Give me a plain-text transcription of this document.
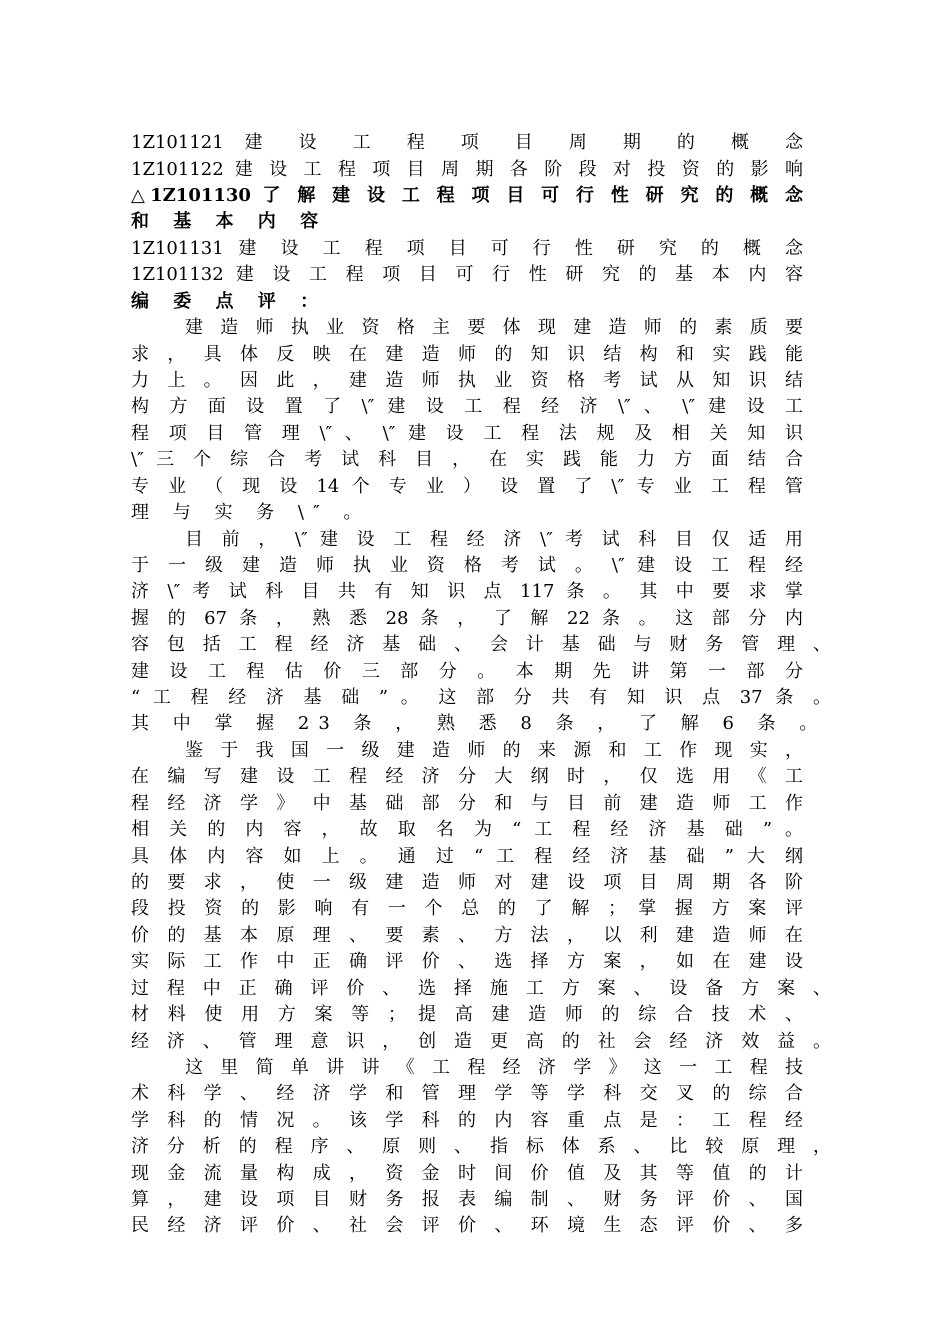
1Z101121 建 设 工 程 项 目 周 期 的 概 念
1Z101122 建 设 工 程 项 目 周 期 各 阶 段 对 投 资 的 影 响
△1Z101130 了 解 建 设 工 程 项 目 可 行 性 研 究 的 概 念
和 基 本 内 容
1Z101131 建 设 工 程 项 目 可 行 性 研 究 的 概 念
1Z101132 建 设 工 程 项 目 可 行 性 研 究 的 基 本 内 容
编 委 点 评 ：
建 造 师 执 业 资 格 主 要 体 现 建 造 师 的 素 质 要
求 ， 具 体 反 映 在 建 造 师 的 知 识 结 构 和 实 践 能
力 上 。 因 此 ， 建 造 师 执 业 资 格 考 试 从 知 识 结
构 方 面 设 置 了 \″ 建 设 工 程 经 济 \″ 、 \″ 建 设 工
程 项 目 管 理 \″ 、 \″ 建 设 工 程 法 规 及 相 关 知 识
\″ 三 个 综 合 考 试 科 目 ， 在 实 践 能 力 方 面 结 合
专 业 （ 现 设 14 个 专 业 ） 设 置 了 \″ 专 业 工 程 管
理 与 实 务 \″ 。
目 前 ， \″ 建 设 工 程 经 济 \″ 考 试 科 目 仅 适 用
于 一 级 建 造 师 执 业 资 格 考 试 。 \″ 建 设 工 程 经
济 \″ 考 试 科 目 共 有 知 识 点 117 条 。 其 中 要 求 掌
握 的 67 条 ， 熟 悉 28 条 ， 了 解 22 条 。 这 部 分 内
容 包 括 工 程 经 济 基 础 、 会 计 基 础 与 财 务 管 理 、
建 设 工 程 估 价 三 部 分 。 本 期 先 讲 第 一 部 分
“ 工 程 经 济 基 础 ” 。 这 部 分 共 有 知 识 点 37 条 。
其 中 掌 握 23 条 ， 熟 悉 8 条 ， 了 解 6 条 。
鉴 于 我 国 一 级 建 造 师 的 来 源 和 工 作 现 实 ，
在 编 写 建 设 工 程 经 济 分 大 纲 时 ， 仅 选 用 《 工
程 经 济 学 》 中 基 础 部 分 和 与 目 前 建 造 师 工 作
相 关 的 内 容 ， 故 取 名 为 “ 工 程 经 济 基 础 ” 。
具 体 内 容 如 上 。 通 过 “ 工 程 经 济 基 础 ” 大 纲
的 要 求 ， 使 一 级 建 造 师 对 建 设 项 目 周 期 各 阶
段 投 资 的 影 响 有 一 个 总 的 了 解 ； 掌 握 方 案 评
价 的 基 本 原 理 、 要 素 、 方 法 ， 以 利 建 造 师 在
实 际 工 作 中 正 确 评 价 、 选 择 方 案 ， 如 在 建 设
过 程 中 正 确 评 价 、 选 择 施 工 方 案 、 设 备 方 案 、
材 料 使 用 方 案 等 ； 提 高 建 造 师 的 综 合 技 术 、
经 济 、 管 理 意 识 ， 创 造 更 高 的 社 会 经 济 效 益 。
这 里 简 单 讲 讲 《 工 程 经 济 学 》 这 一 工 程 技
术 科 学 、 经 济 学 和 管 理 学 等 学 科 交 叉 的 综 合
学 科 的 情 况 。 该 学 科 的 内 容 重 点 是 ： 工 程 经
济 分 析 的 程 序 、 原 则 、 指 标 体 系 、 比 较 原 理 ，
现 金 流 量 构 成 ， 资 金 时 间 价 值 及 其 等 值 的 计
算 ， 建 设 项 目 财 务 报 表 编 制 、 财 务 评 价 、 国
民 经 济 评 价 、 社 会 评 价 、 环 境 生 态 评 价 、 多
